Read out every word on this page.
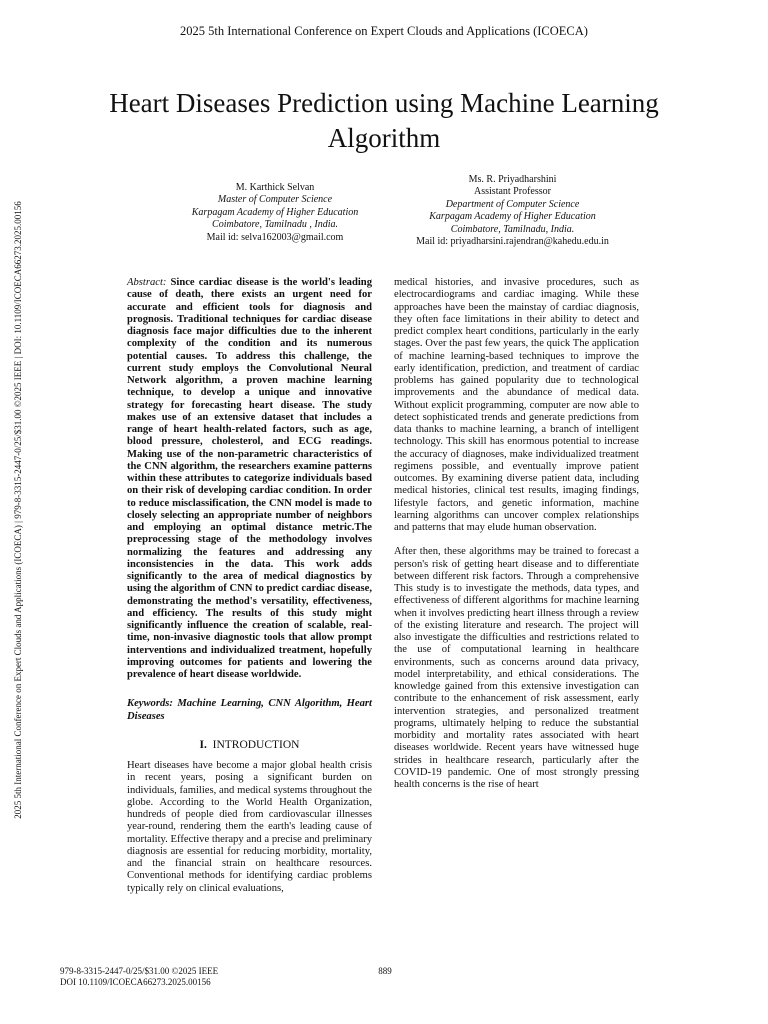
2025 5th International Conference on Expert Clouds and Applications (ICOECA)
Heart Diseases Prediction using Machine Learning Algorithm
M. Karthick Selvan
Master of Computer Science
Karpagam Academy of Higher Education
Coimbatore, Tamilnadu , India.
Mail id: selva162003@gmail.com
Ms. R. Priyadharshini
Assistant Professor
Department of Computer Science
Karpagam Academy of Higher Education
Coimbatore, Tamilnadu, India.
Mail id: priyadharsini.rajendran@kahedu.edu.in
2025 5th International Conference on Expert Clouds and Applications (ICOECA) | 979-8-3315-2447-0/25/$31.00 ©2025 IEEE | DOI: 10.1109/ICOECA66273.2025.00156	Abstract: Since cardiac disease is the world's leading cause of death, there exists an urgent need for accurate and efficient tools for diagnosis and prognosis. Traditional techniques for cardiac disease diagnosis face major difficulties due to the inherent complexity of the condition and its numerous potential causes. To address this challenge, the current study employs the Convolutional Neural Network algorithm, a proven machine learning technique, to develop a unique and innovative strategy for forecasting heart disease. The study makes use of an extensive dataset that includes a range of heart health-related factors, such as age, blood pressure, cholesterol, and ECG readings. Making use of the non-parametric characteristics of the CNN algorithm, the researchers examine patterns within these attributes to categorize individuals based on their risk of developing cardiac condition. In order to reduce misclassification, the CNN model is made to closely selecting an appropriate number of neighbors and employing an optimal distance metric.The preprocessing stage of the methodology involves normalizing the features and addressing any inconsistencies in the data. This work adds significantly to the area of medical diagnostics by using the algorithm of CNN to predict cardiac disease, demonstrating the method's versatility, effectiveness, and efficiency. The results of this study might significantly influence the creation of scalable, real-time, non-invasive diagnostic tools that allow prompt interventions and individualized treatment, hopefully improving outcomes for patients and lowering the prevalence of heart disease worldwide.

Keywords: Machine Learning, CNN Algorithm, Heart Diseases

I. INTRODUCTION

Heart diseases have become a major global health crisis in recent years, posing a significant burden on individuals, families, and medical systems throughout the globe. According to the World Health Organization, hundreds of people died from cardiovascular illnesses year-round, rendering them the earth's leading cause of mortality. Effective therapy and a precise and preliminary diagnosis are essential for reducing morbidity, mortality, and the financial strain on healthcare resources. Conventional methods for identifying cardiac problems typically rely on clinical evaluations,

medical histories, and invasive procedures, such as electrocardiograms and cardiac imaging. While these approaches have been the mainstay of cardiac diagnosis, they often face limitations in their ability to detect and predict complex heart conditions, particularly in the early stages. Over the past few years, the quick The application of machine learning-based techniques to improve the early identification, prediction, and treatment of cardiac problems has gained popularity due to technological improvements and the abundance of medical data. Without explicit programming, computer are now able to detect sophisticated trends and generate predictions from data thanks to machine learning, a branch of intelligent technology. This skill has enormous potential to increase the accuracy of diagnoses, make individualized treatment regimens possible, and eventually improve patient outcomes. By examining diverse patient data, including medical histories, clinical test results, imaging findings, lifestyle factors, and genetic information, machine learning algorithms can uncover complex relationships and patterns that may elude human observation.

After then, these algorithms may be trained to forecast a person's risk of getting heart disease and to differentiate between different risk factors. Through a comprehensive This study is to investigate the methods, data types, and effectiveness of different algorithms for machine learning when it involves predicting heart illness through a review of the existing literature and research. The project will also investigate the difficulties and restrictions related to the use of computational learning in healthcare environments, such as concerns around data privacy, model interpretability, and ethical considerations. The knowledge gained from this extensive investigation can contribute to the enhancement of risk assessment, early intervention strategies, and personalized treatment programs, ultimately helping to reduce the substantial morbidity and mortality rates associated with heart diseases worldwide. Recent years have witnessed huge strides in healthcare research, particularly after the COVID-19 pandemic. One of most strongly pressing health concerns is the rise of heart

979-8-3315-2447-0/25/$31.00 ©2025 IEEE
DOI 10.1109/ICOECA66273.2025.00156
889
